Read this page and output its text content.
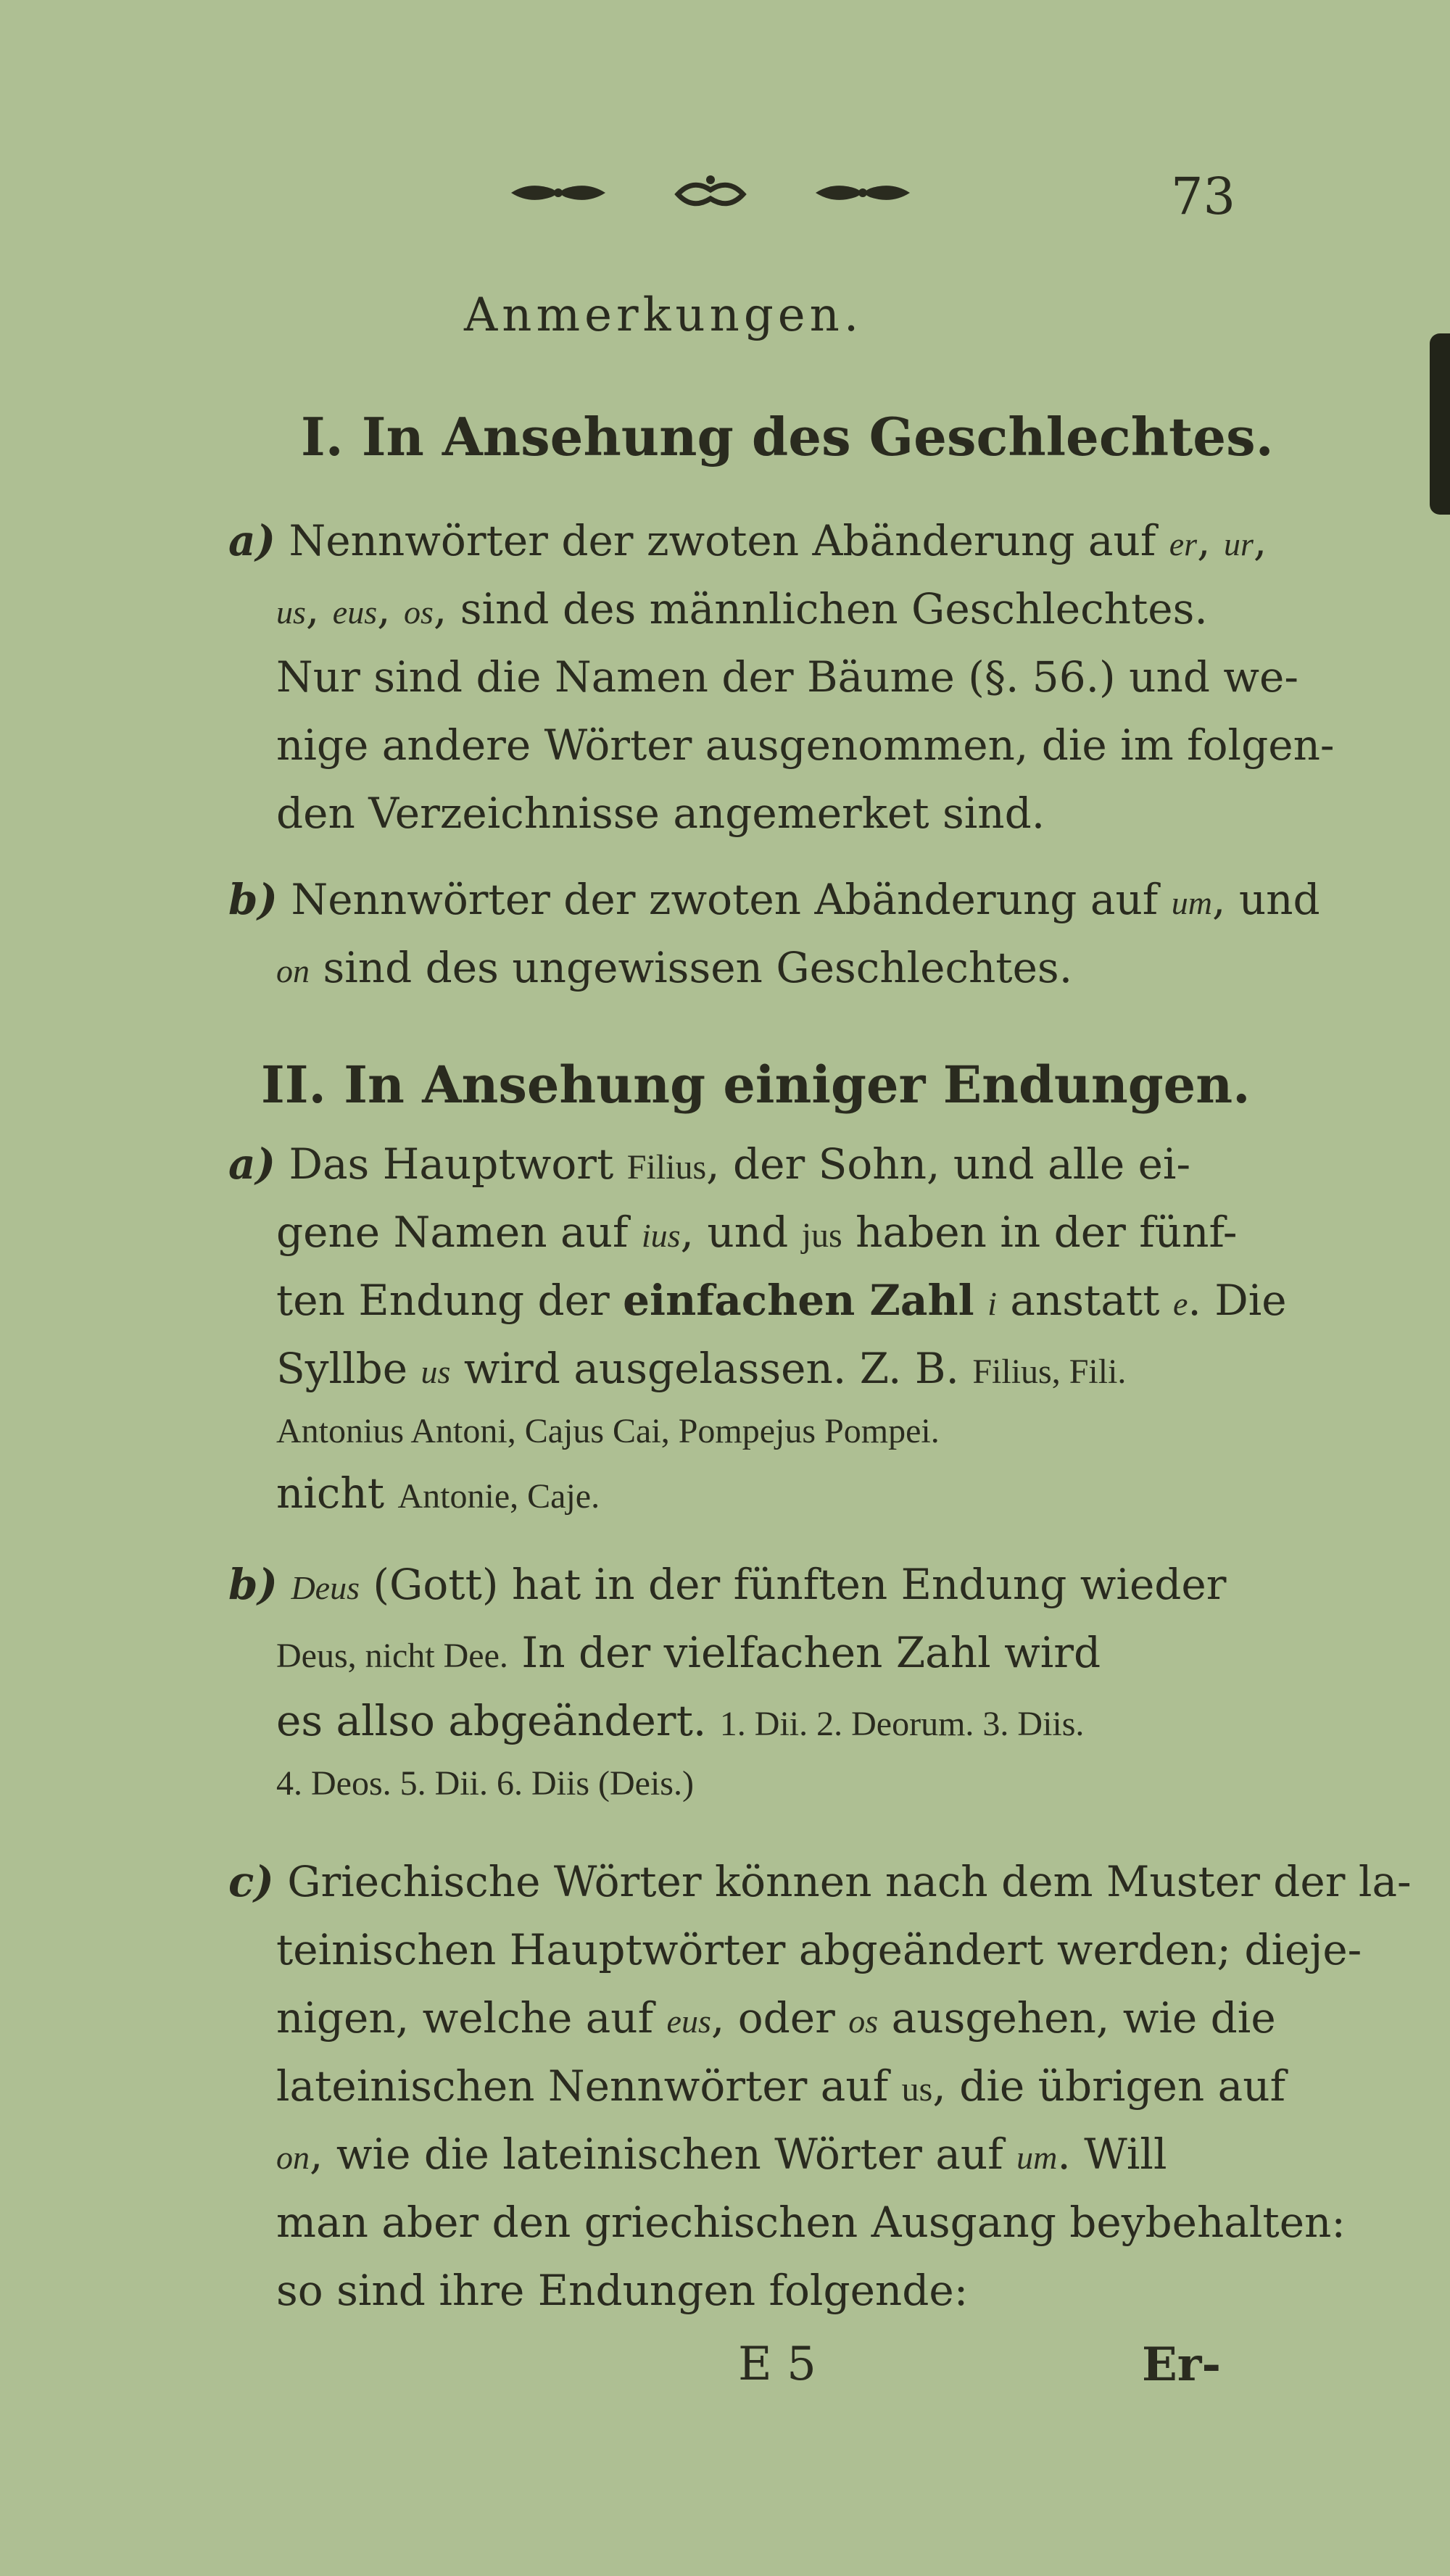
73
Anmerkungen.
I. In Ansehung des Geschlechtes.
a) Nennwörter der zwoten Abänderung auf er, ur,
us, eus, os, sind des männlichen Geschlechtes.
Nur sind die Namen der Bäume (§. 56.) und we-
nige andere Wörter ausgenommen, die im folgen-
den Verzeichnisse angemerket sind.
b) Nennwörter der zwoten Abänderung auf um, und
on sind des ungewissen Geschlechtes.
II. In Ansehung einiger Endungen.
a) Das Hauptwort Filius, der Sohn, und alle ei-
gene Namen auf ius, und jus haben in der fünf-
ten Endung der einfachen Zahl i anstatt e. Die
Syllbe us wird ausgelassen. Z. B. Filius, Fili.
Antonius Antoni, Cajus Cai, Pompejus Pompei.
nicht Antonie, Caje.
b) Deus (Gott) hat in der fünften Endung wieder
Deus, nicht Dee. In der vielfachen Zahl wird
es allso abgeändert. 1. Dii. 2. Deorum. 3. Diis.
4. Deos. 5. Dii. 6. Diis (Deis.)
c) Griechische Wörter können nach dem Muster der la-
teinischen Hauptwörter abgeändert werden; dieje-
nigen, welche auf eus, oder os ausgehen, wie die
lateinischen Nennwörter auf us, die übrigen auf
on, wie die lateinischen Wörter auf um. Will
man aber den griechischen Ausgang beybehalten:
so sind ihre Endungen folgende:
E 5	Er-
